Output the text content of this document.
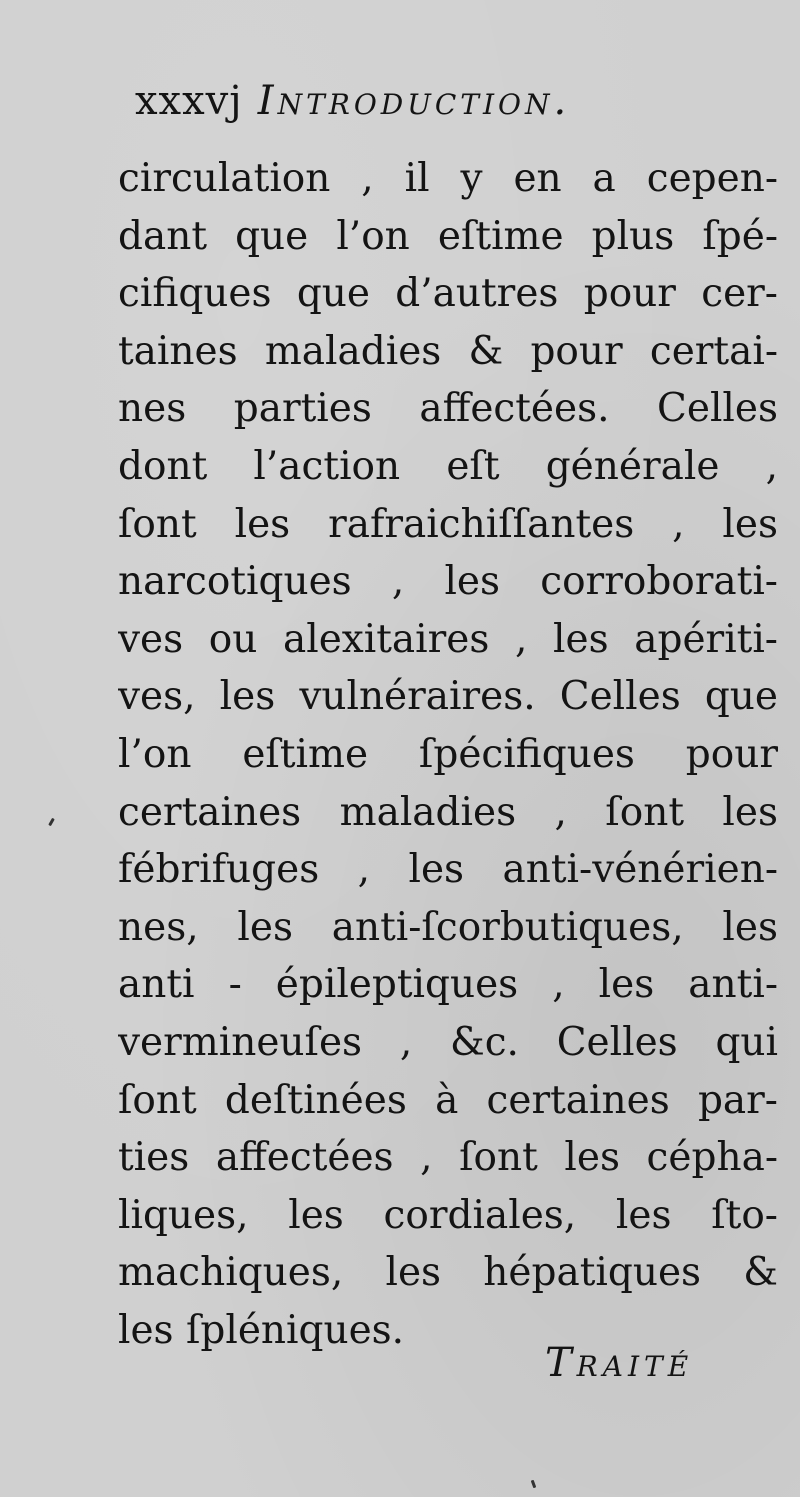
xxxvj Introduction.
circulation , il y en a cepen-
dant que l’on eſtime plus ſpé-
cifiques que d’autres pour cer-
taines maladies & pour certai-
nes parties affectées. Celles
dont l’action eſt générale ,
ſont les rafraichiſſantes , les
narcotiques , les corroborati-
ves ou alexitaires , les apériti-
ves, les vulnéraires. Celles que
l’on eſtime ſpécifiques pour
certaines maladies , ſont les
fébrifuges , les anti-vénérien-
nes, les anti-ſcorbutiques, les
anti - épileptiques , les anti-
vermineuſes , &c. Celles qui
ſont deſtinées à certaines par-
ties affectées , ſont les cépha-
liques, les cordiales, les ſto-
machiques, les hépatiques &
les ſpléniques.
Traité
